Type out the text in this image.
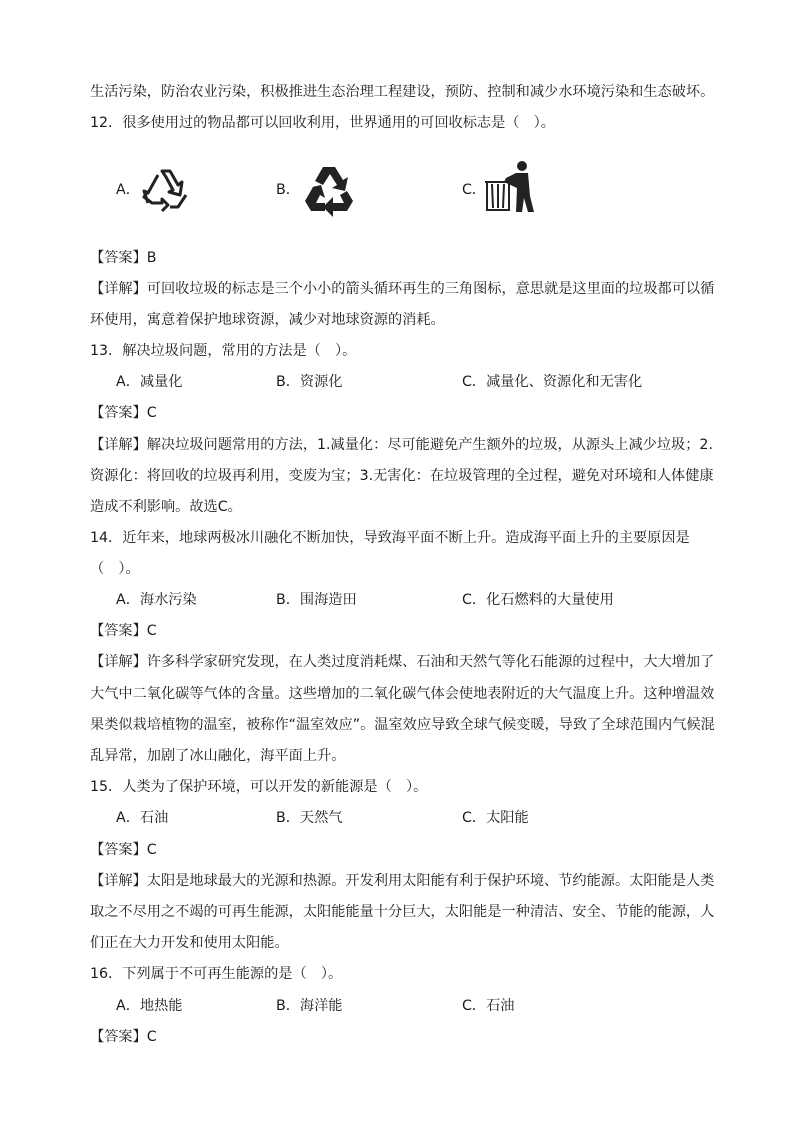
生活污染，防治农业污染，积极推进生态治理工程建设，预防、控制和减少水环境污染和生态破坏。
12．很多使用过的物品都可以回收利用，世界通用的可回收标志是（　）。
A．	B．	C．
【答案】B
【详解】可回收垃圾的标志是三个小小的箭头循环再生的三角图标，意思就是这里面的垃圾都可以循
环使用，寓意着保护地球资源，减少对地球资源的消耗。
13．解决垃圾问题，常用的方法是（　）。
A．减量化	B．资源化	C．减量化、资源化和无害化
【答案】C
【详解】解决垃圾问题常用的方法，1.减量化：尽可能避免产生额外的垃圾，从源头上减少垃圾；2.
资源化：将回收的垃圾再利用，变废为宝；3.无害化：在垃圾管理的全过程，避免对环境和人体健康
造成不利影响。故选C。
14．近年来，地球两极冰川融化不断加快，导致海平面不断上升。造成海平面上升的主要原因是
（　）。
A．海水污染	B．围海造田	C．化石燃料的大量使用
【答案】C
【详解】许多科学家研究发现，在人类过度消耗煤、石油和天然气等化石能源的过程中，大大增加了
大气中二氧化碳等气体的含量。这些增加的二氧化碳气体会使地表附近的大气温度上升。这种增温效
果类似栽培植物的温室，被称作“温室效应”。温室效应导致全球气候变暖，导致了全球范围内气候混
乱异常，加剧了冰山融化，海平面上升。
15．人类为了保护环境，可以开发的新能源是（　）。
A．石油	B．天然气	C．太阳能
【答案】C
【详解】太阳是地球最大的光源和热源。开发利用太阳能有利于保护环境、节约能源。太阳能是人类
取之不尽用之不竭的可再生能源，太阳能能量十分巨大，太阳能是一种清洁、安全、节能的能源，人
们正在大力开发和使用太阳能。
16．下列属于不可再生能源的是（　）。
A．地热能	B．海洋能	C．石油
【答案】C
